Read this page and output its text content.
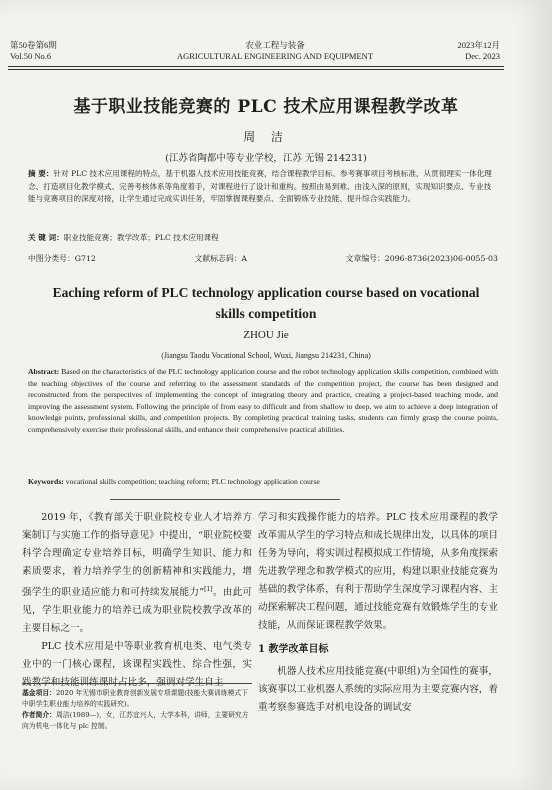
第50卷第6期
Vol.50 No.6
农业工程与装备
AGRICULTURAL ENGINEERING AND EQUIPMENT
2023年12月
Dec. 2023
基于职业技能竞赛的 PLC 技术应用课程教学改革
周 洁
(江苏省陶都中等专业学校，江苏 无锡 214231)
摘 要：针对 PLC 技术应用课程的特点，基于机器人技术应用技能竞赛，结合课程教学目标、参考赛事项目考核标准，从贯彻理实一体化理念、打造项目化教学模式、完善考核体系等角度着手，对课程进行了设计和重构。按照由易到难、由浅入深的原则，实现知识要点、专业技能与竞赛项目的深度对接，让学生通过完成实训任务，牢固掌握课程要点、全面锻炼专业技能、提升综合实践能力。
关 键 词：职业技能竞赛；教学改革；PLC 技术应用课程
中图分类号：G712	文献标志码：A	文章编号：2096-8736(2023)06-0055-03
Eaching reform of PLC technology application course based on vocational skills competition
ZHOU Jie
(Jiangsu Taodu Vocational School, Wuxi, Jiangsu 214231, China)
Abstract: Based on the characteristics of the PLC technology application course and the robot technology application skills competition, combined with the teaching objectives of the course and referring to the assessment standards of the competition project, the course has been designed and reconstructed from the perspectives of implementing the concept of integrating theory and practice, creating a project-based teaching mode, and improving the assessment system. Following the principle of from easy to difficult and from shallow to deep, we aim to achieve a deep integration of knowledge points, professional skills, and competition projects. By completing practical training tasks, students can firmly grasp the course points, comprehensively exercise their professional skills, and enhance their comprehensive practical abilities.
Keywords: vocational skills competition; teaching reform; PLC technology application course

2019 年，《教育部关于职业院校专业人才培养方案制订与实施工作的指导意见》中提出，“职业院校要科学合理确定专业培养目标，明确学生知识、能力和素质要求，着力培养学生的创新精神和实践能力，增强学生的职业适应能力和可持续发展能力”[1]。由此可见，学生职业能力的培养已成为职业院校教学改革的主要目标之一。

PLC 技术应用是中等职业教育机电类、电气类专业中的一门核心课程，该课程实践性、综合性强，实践教学和技能训练课时占比多，强调对学生自主

学习和实践操作能力的培养。PLC 技术应用课程的教学改革需从学生的学习特点和成长规律出发，以具体的项目任务为导向，将实训过程模拟成工作情境，从多角度探索先进教学理念和教学模式的应用，构建以职业技能竞赛为基础的教学体系，有利于帮助学生深度学习课程内容、主动探索解决工程问题，通过技能竞赛有效锻炼学生的专业技能，从而保证课程教学效果。

1 教学改革目标

机器人技术应用技能竞赛(中职组)为全国性的赛事，该赛事以工业机器人系统的实际应用为主要竞赛内容，着重考察参赛选手对机电设备的调试安

基金项目：2020 年无锡市职业教育创新发展专项课题(技能大赛训练模式下中职学生职业能力培养的实践研究)。
作者简介：周洁(1989—)，女，江苏宜兴人，大学本科，讲师，主要研究方向为机电一体化与 plc 控制。
